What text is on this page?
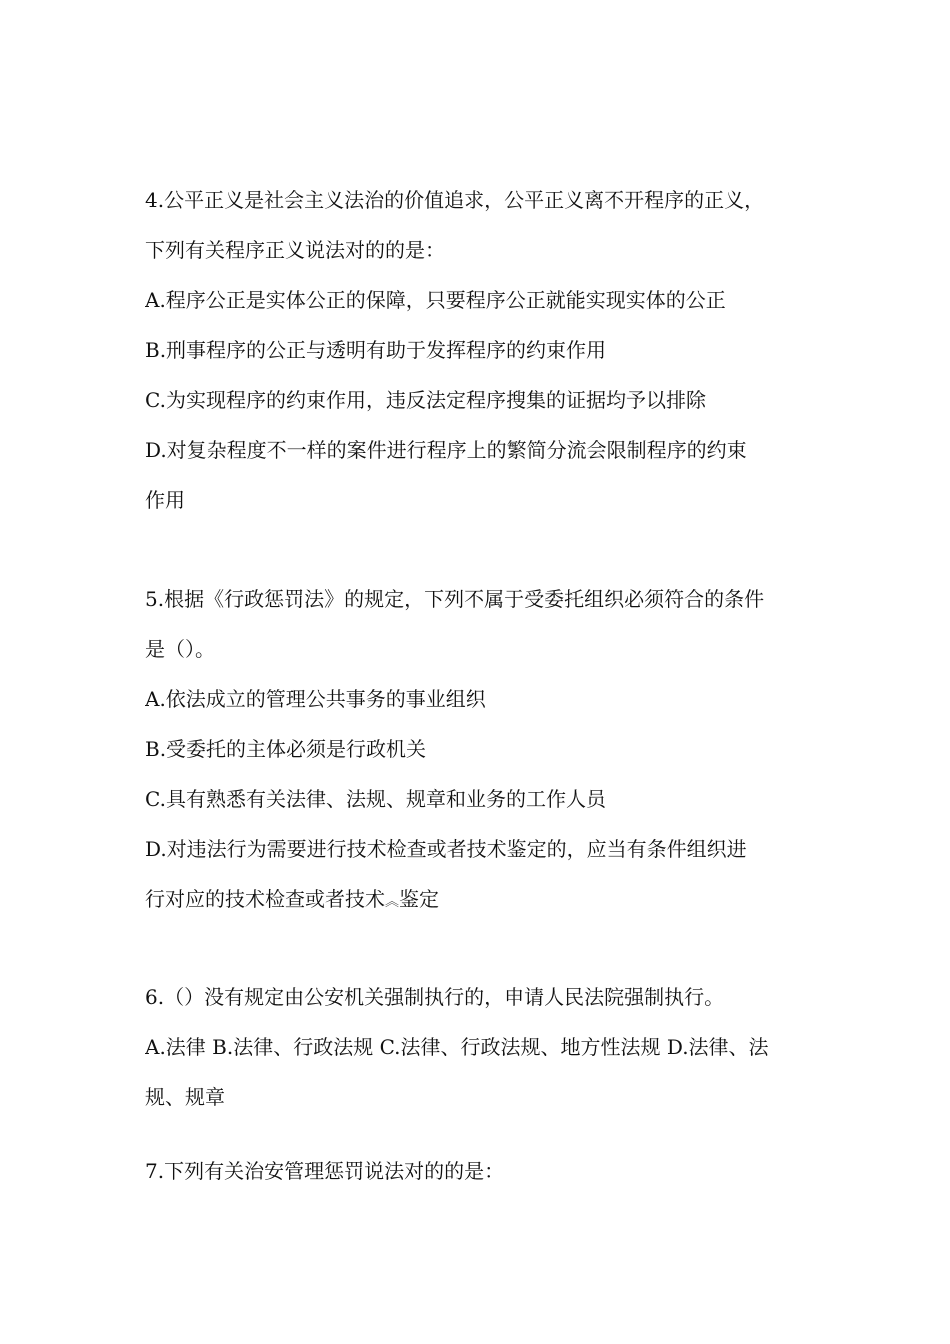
4.公平正义是社会主义法治的价值追求，公平正义离不开程序的正义，
下列有关程序正义说法对的的是：
A.程序公正是实体公正的保障，只要程序公正就能实现实体的公正
B.刑事程序的公正与透明有助于发挥程序的约束作用
C.为实现程序的约束作用，违反法定程序搜集的证据均予以排除
D.对复杂程度不一样的案件进行程序上的繁简分流会限制程序的约束
作用
5.根据《行政惩罚法》的规定，下列不属于受委托组织必须符合的条件
是（）。
A.依法成立的管理公共事务的事业组织
B.受委托的主体必须是行政机关
C.具有熟悉有关法律、法规、规章和业务的工作人员
D.对违法行为需要进行技术检查或者技术鉴定的，应当有条件组织进
行对应的技术检查或者技术︽鉴定
6.（）没有规定由公安机关强制执行的，申请人民法院强制执行。
A.法律 B.法律、行政法规 C.法律、行政法规、地方性法规 D.法律、法
规、规章
7.下列有关治安管理惩罚说法对的的是：
